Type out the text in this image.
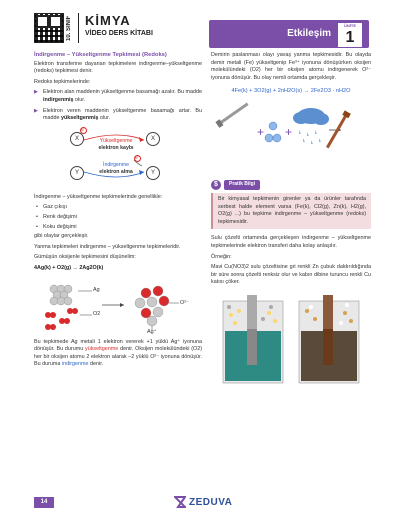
10. SINIF	KİMYA
VİDEO DERS KİTABI	Etkileşim
ÜNİTE
1
İndirgenme – Yükseltgenme Tepkimesi (Redoks)
Elektron transferine dayanan tepkimelere indirgenme–yükseltgenme (redoks) tepkimesi denir.
Redoks tepkimelerinde:
▶ Elektron alan maddenin yükseltgenme basamağı azalır. Bu madde indirgenmiş olur.
▶ Elektron veren maddenin yükseltgenme basamağı artar. Bu madde yükseltgenmiş olur.
X
e⁻
X
Y	Y
e⁻
Yükseltgenme
elektron kaybı
İndirgenme
elektron alma
İndirgenme – yükseltgenme tepkimelerinde genellikle:
• Gaz çıkışı
• Renk değişimi
• Koku değişimi
gibi olaylar gerçekleşir.
Yanma tepkimeleri indirgenme – yükseltgenme tepkimeleridir.
Gümüşün oksijenle tepkimesini düşünelim:
4Ag(k) + O2(g) → 2Ag2O(k)
Ag
O2
O²⁻
Ag⁺
Bu tepkimede Ag metali 1 elektron vererek +1 yüklü Ag⁺ iyonuna dönüşür. Bu durumu yükseltgenme denir. Oksijen molekülündeki (O2) her bir oksijen atomu 2 elektron alarak –2 yüklü O²⁻ iyonuna dönüşür. Bu duruma indirgenme denir.
Demirin paslanması olayı yavaş yanma tepkimesidir. Bu olayda demir metali (Fe) yükseltgenip Fe³⁺ iyonuna dönüşürken oksijen molekülündeki (O2) her bir oksijen atomu indirgenerek O²⁻ iyonuna dönüşür. Bu olay nemli ortamda gerçekleşir.
4Fe(k) + 3O2(g) + 2nH2O(s) → 2Fe2O3 · nH2O
+ +
$	Pratik Bilgi
Bir kimyasal tepkimenin girenler ya da ürünler tarafında serbest halde element varsa (Fe(k), Cl2(g), Zn(k), H2(g), O2(g) ...) bu tepkime indirgenme – yükseltgenme (redoks) tepkimesidir.
Sulu çözelti ortamında gerçekleşen indirgenme – yükseltgenme tepkimelerinde elektron transferi daha kolay anlaşılır.
Örneğin:
Mavi Cu(NO3)2 sulu çözeltisine gri renkli Zn çubuk daldırıldığında bir süre sonra çözelti renksiz olur ve kabın dibine turuncu renkli Cu katısı çöker.
14	ZEDUVA
